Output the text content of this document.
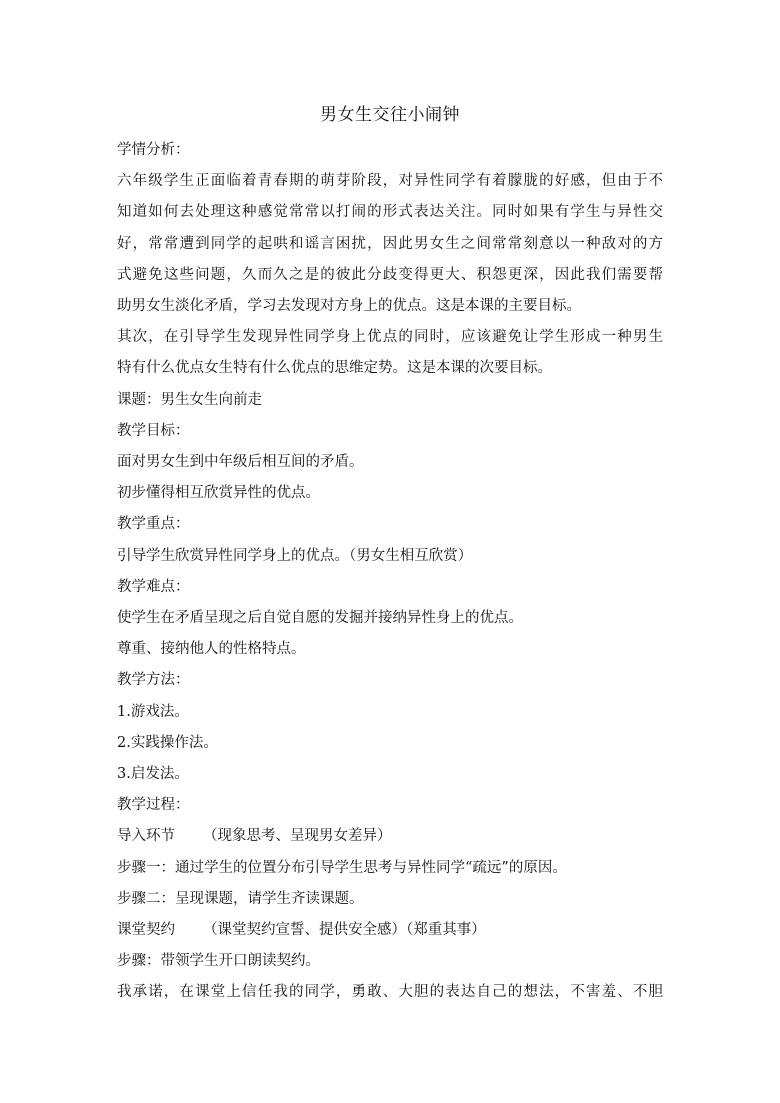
男女生交往小闹钟
学情分析：
六年级学生正面临着青春期的萌芽阶段，对异性同学有着朦胧的好感，但由于不
知道如何去处理这种感觉常常以打闹的形式表达关注。同时如果有学生与异性交
好，常常遭到同学的起哄和谣言困扰，因此男女生之间常常刻意以一种敌对的方
式避免这些问题，久而久之是的彼此分歧变得更大、积怨更深，因此我们需要帮
助男女生淡化矛盾，学习去发现对方身上的优点。这是本课的主要目标。
其次，在引导学生发现异性同学身上优点的同时，应该避免让学生形成一种男生
特有什么优点女生特有什么优点的思维定势。这是本课的次要目标。
课题：男生女生向前走
教学目标：
面对男女生到中年级后相互间的矛盾。
初步懂得相互欣赏异性的优点。
教学重点：
引导学生欣赏异性同学身上的优点。（男女生相互欣赏）
教学难点：
使学生在矛盾呈现之后自觉自愿的发掘并接纳异性身上的优点。
尊重、接纳他人的性格特点。
教学方法：
1.游戏法。
2.实践操作法。
3.启发法。
教学过程：
导入环节 （现象思考、呈现男女差异）
步骤一：通过学生的位置分布引导学生思考与异性同学“疏远”的原因。
步骤二：呈现课题，请学生齐读课题。
课堂契约 （课堂契约宣誓、提供安全感）（郑重其事）
步骤：带领学生开口朗读契约。
我承诺，在课堂上信任我的同学，勇敢、大胆的表达自己的想法，不害羞、不胆
